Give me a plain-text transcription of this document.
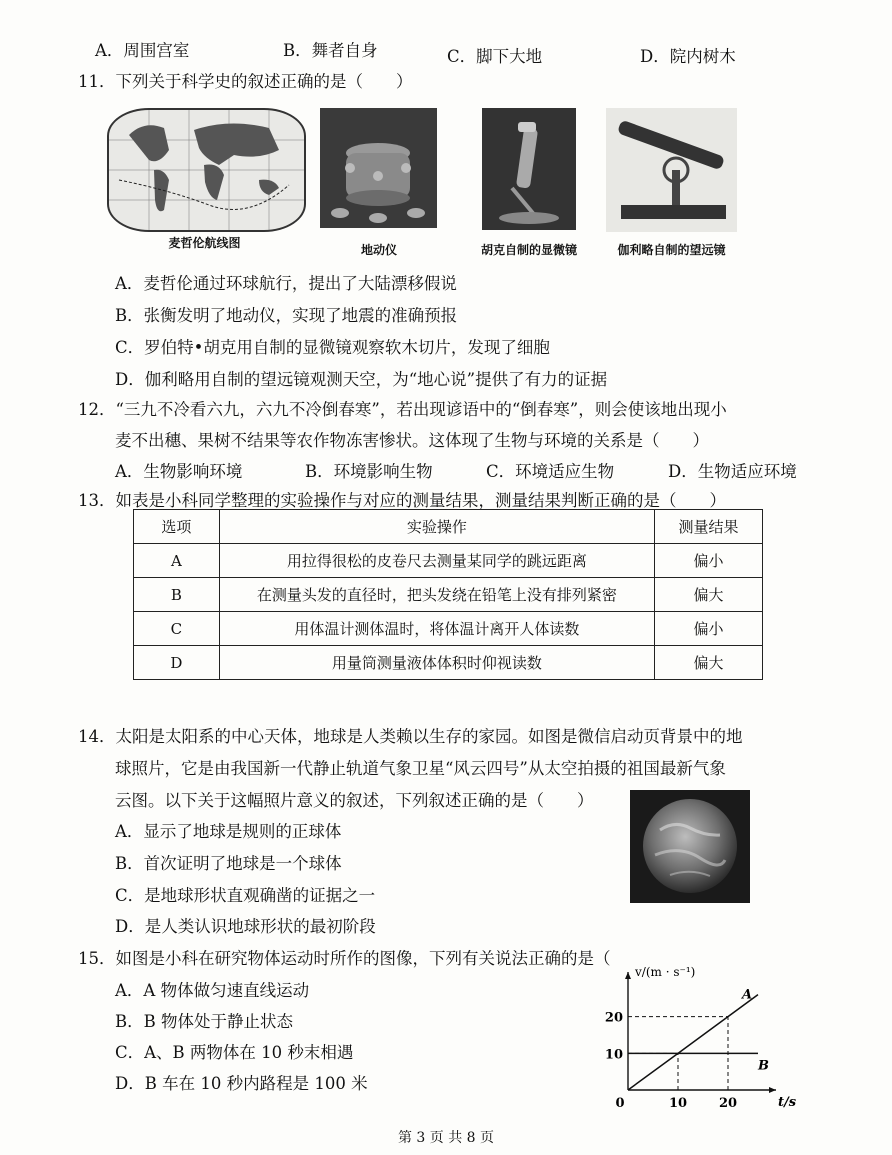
A．周围宫室	B．舞者自身	C．脚下大地	D．院内树木
11．下列关于科学史的叙述正确的是（　　）
麦哲伦航线图	地动仪	胡克自制的显微镜	伽利略自制的望远镜
A．麦哲伦通过环球航行，提出了大陆漂移假说
B．张衡发明了地动仪，实现了地震的准确预报
C．罗伯特•胡克用自制的显微镜观察软木切片，发现了细胞
D．伽利略用自制的望远镜观测天空，为“地心说”提供了有力的证据
12．“三九不冷看六九，六九不冷倒春寒”，若出现谚语中的“倒春寒”，则会使该地出现小
麦不出穗、果树不结果等农作物冻害惨状。这体现了生物与环境的关系是（　　）
A．生物影响环境	B．环境影响生物	C．环境适应生物	D．生物适应环境
13．如表是小科同学整理的实验操作与对应的测量结果，测量结果判断正确的是（　　）
选项	实验操作	测量结果
A	用拉得很松的皮卷尺去测量某同学的跳远距离	偏小
B	在测量头发的直径时，把头发绕在铅笔上没有排列紧密	偏大
C	用体温计测体温时，将体温计离开人体读数	偏小
D	用量筒测量液体体积时仰视读数	偏大
14．太阳是太阳系的中心天体，地球是人类赖以生存的家园。如图是微信启动页背景中的地
球照片，它是由我国新一代静止轨道气象卫星“风云四号”从太空拍摄的祖国最新气象
云图。以下关于这幅照片意义的叙述，下列叙述正确的是（　　）
A．显示了地球是规则的正球体
B．首次证明了地球是一个球体
C．是地球形状直观确凿的证据之一
D．是人类认识地球形状的最初阶段
15．如图是小科在研究物体运动时所作的图像，下列有关说法正确的是（
A．A 物体做匀速直线运动
B．B 物体处于静止状态
C．A、B 两物体在 10 秒末相遇
D．B 车在 10 秒内路程是 100 米
A
B
0	10 20
10
20
v/(m · s⁻¹)
t/s
第 3 页 共 8 页
